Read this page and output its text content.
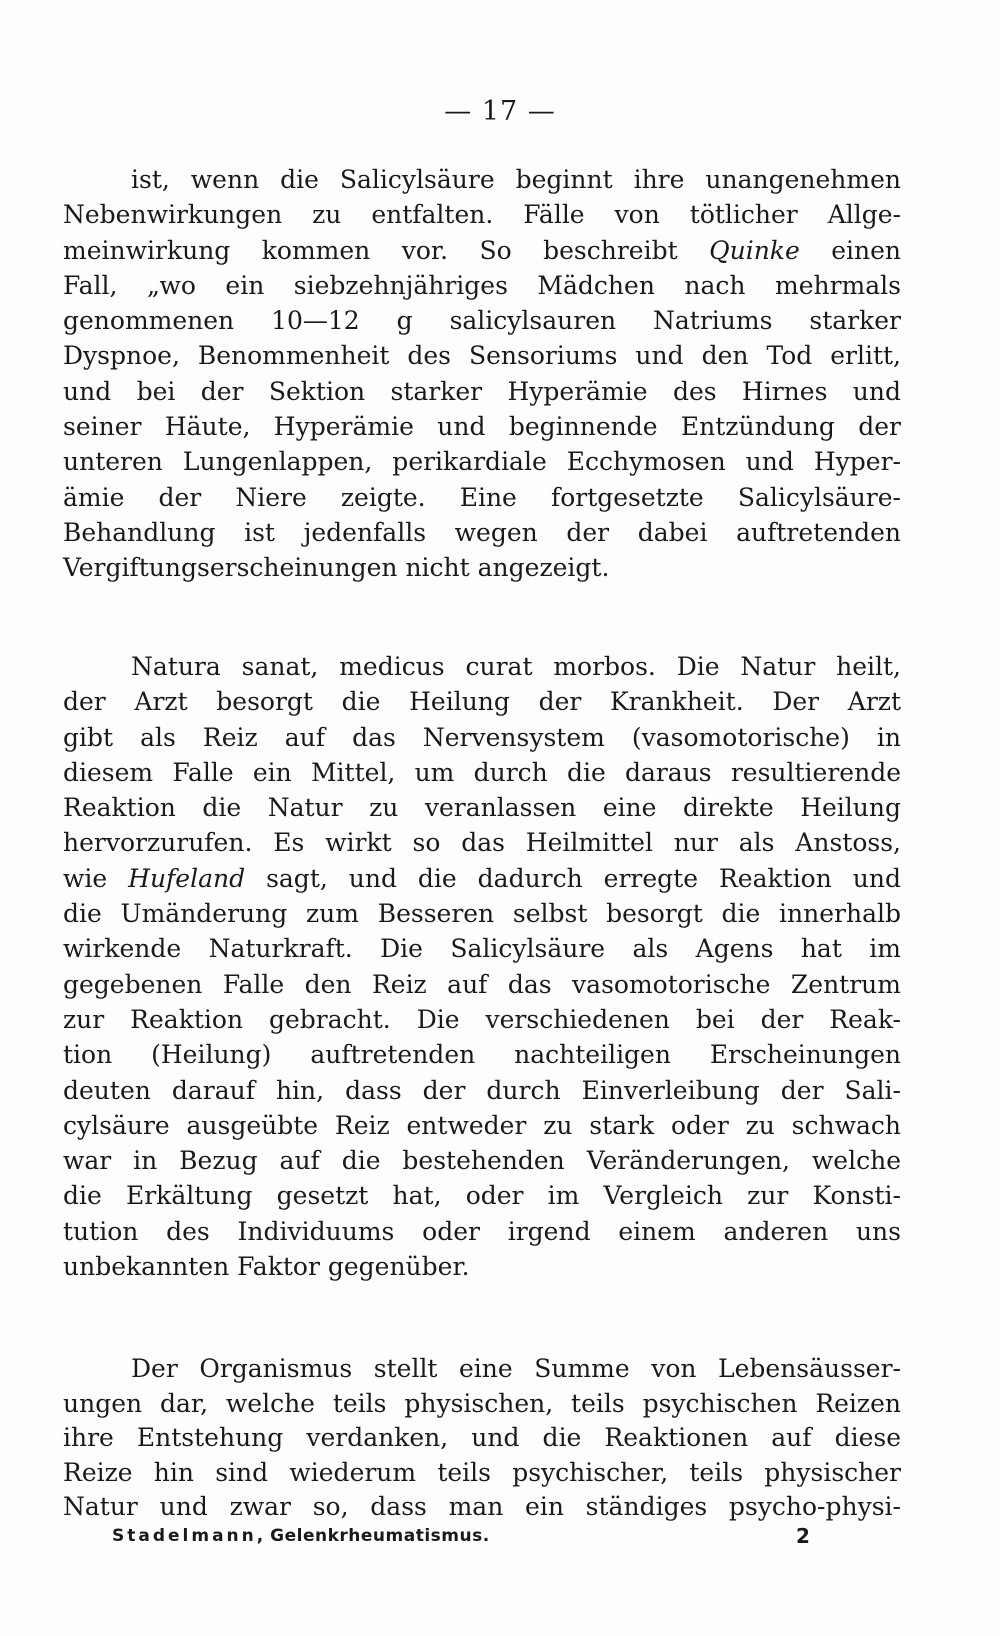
— 17 —
ist, wenn die Salicylsäure beginnt ihre unangenehmen
Nebenwirkungen zu entfalten. Fälle von tötlicher Allge-
meinwirkung kommen vor. So beschreibt Quinke einen
Fall, „wo ein siebzehnjähriges Mädchen nach mehrmals
genommenen 10—12 g salicylsauren Natriums starker
Dyspnoe, Benommenheit des Sensoriums und den Tod erlitt,
und bei der Sektion starker Hyperämie des Hirnes und
seiner Häute, Hyperämie und beginnende Entzündung der
unteren Lungenlappen, perikardiale Ecchymosen und Hyper-
ämie der Niere zeigte. Eine fortgesetzte Salicylsäure-
Behandlung ist jedenfalls wegen der dabei auftretenden
Vergiftungserscheinungen nicht angezeigt.
Natura sanat, medicus curat morbos. Die Natur heilt,
der Arzt besorgt die Heilung der Krankheit. Der Arzt
gibt als Reiz auf das Nervensystem (vasomotorische) in
diesem Falle ein Mittel, um durch die daraus resultierende
Reaktion die Natur zu veranlassen eine direkte Heilung
hervorzurufen. Es wirkt so das Heilmittel nur als Anstoss,
wie Hufeland sagt, und die dadurch erregte Reaktion und
die Umänderung zum Besseren selbst besorgt die innerhalb
wirkende Naturkraft. Die Salicylsäure als Agens hat im
gegebenen Falle den Reiz auf das vasomotorische Zentrum
zur Reaktion gebracht. Die verschiedenen bei der Reak-
tion (Heilung) auftretenden nachteiligen Erscheinungen
deuten darauf hin, dass der durch Einverleibung der Sali-
cylsäure ausgeübte Reiz entweder zu stark oder zu schwach
war in Bezug auf die bestehenden Veränderungen, welche
die Erkältung gesetzt hat, oder im Vergleich zur Konsti-
tution des Individuums oder irgend einem anderen uns
unbekannten Faktor gegenüber.
Der Organismus stellt eine Summe von Lebensäusser-
ungen dar, welche teils physischen, teils psychischen Reizen
ihre Entstehung verdanken, und die Reaktionen auf diese
Reize hin sind wiederum teils psychischer, teils physischer
Natur und zwar so, dass man ein ständiges psycho-physi-
Stadelmann, Gelenkrheumatismus.	2
